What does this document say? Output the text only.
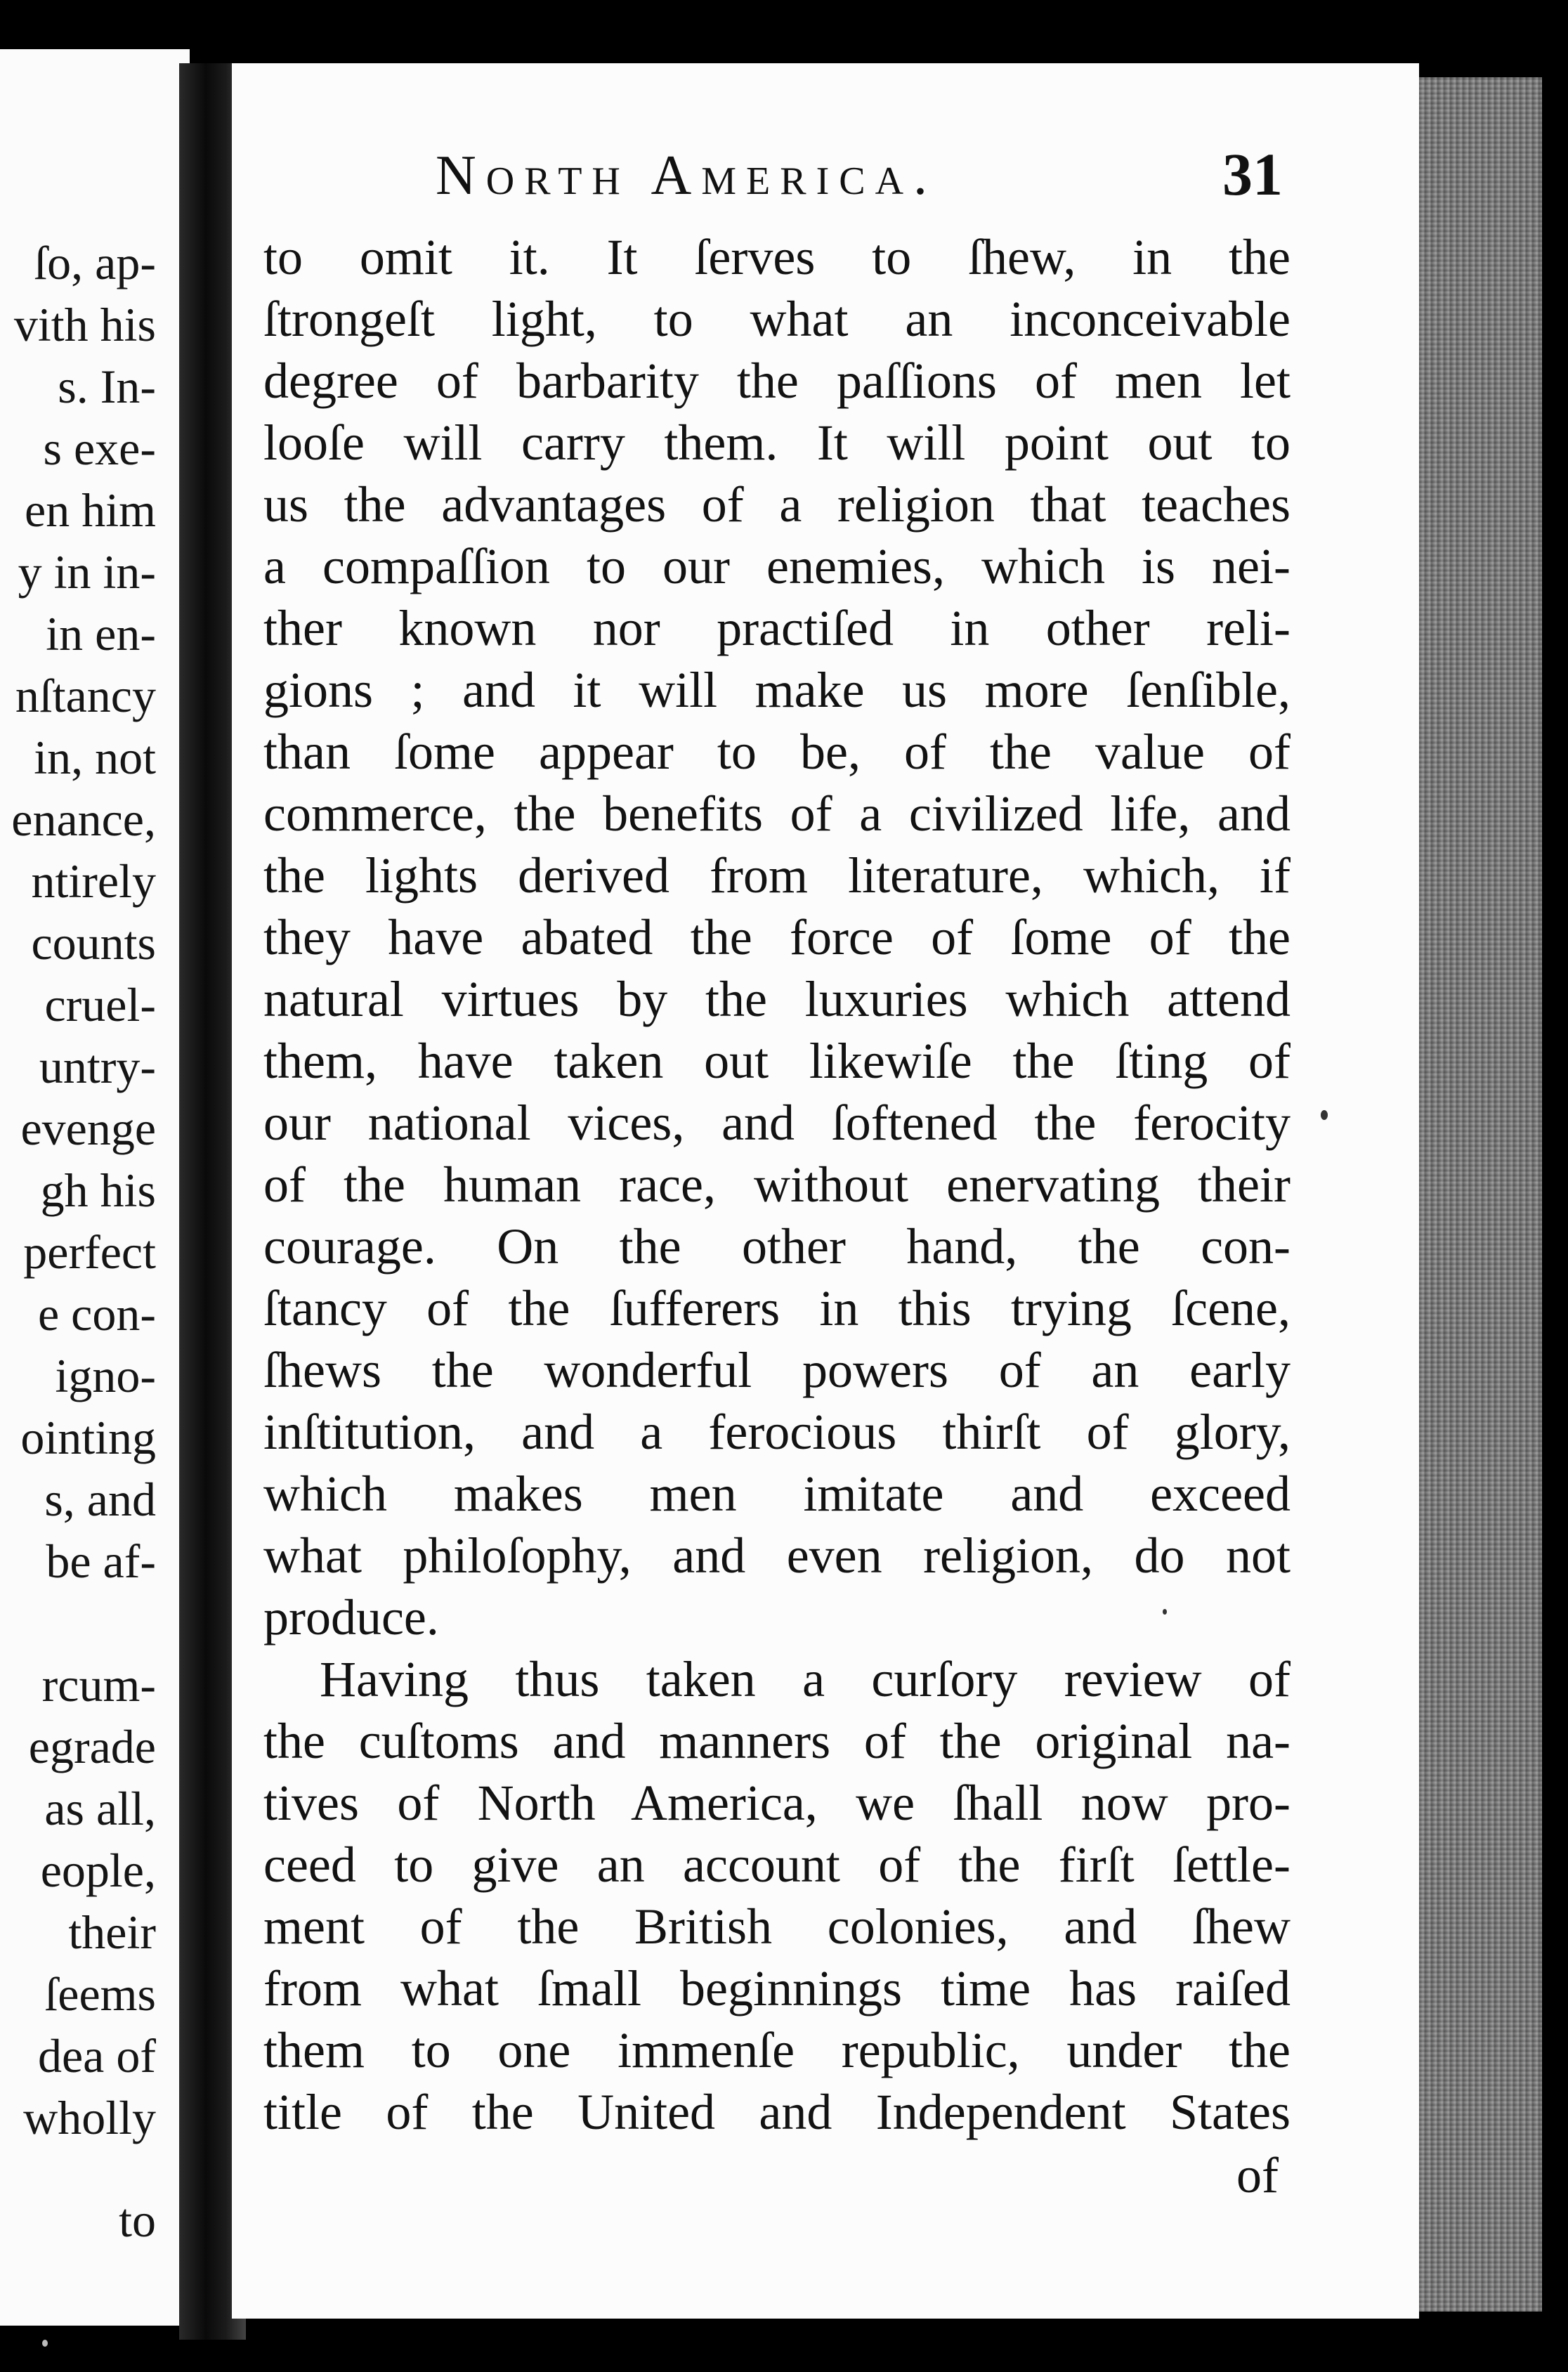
ſo, ap-
vith his
s. In-
s exe-
en him
y in in-
in en-
nſtancy
in, not
enance,
ntirely
counts
cruel-
untry-
evenge
gh his
perfect
e con-
igno-
ointing
s, and
be af-
rcum-
egrade
as all,
eople,
their
ſeems
dea of
wholly
to
North America.	31
to omit it. It ſerves to ſhew, in the
ſtrongeſt light, to what an inconceivable
degree of barbarity the paſſions of men let
looſe will carry them. It will point out to
us the advantages of a religion that teaches
a compaſſion to our enemies, which is nei-
ther known nor practiſed in other reli-
gions ; and it will make us more ſenſible,
than ſome appear to be, of the value of
commerce, the benefits of a civilized life, and
the lights derived from literature, which, if
they have abated the force of ſome of the
natural virtues by the luxuries which attend
them, have taken out likewiſe the ſting of
our national vices, and ſoftened the ferocity
of the human race, without enervating their
courage. On the other hand, the con-
ſtancy of the ſufferers in this trying ſcene,
ſhews the wonderful powers of an early
inſtitution, and a ferocious thirſt of glory,
which makes men imitate and exceed
what philoſophy, and even religion, do not
produce.
Having thus taken a curſory review of
the cuſtoms and manners of the original na-
tives of North America, we ſhall now pro-
ceed to give an account of the firſt ſettle-
ment of the British colonies, and ſhew
from what ſmall beginnings time has raiſed
them to one immenſe republic, under the
title of the United and Independent States
of
